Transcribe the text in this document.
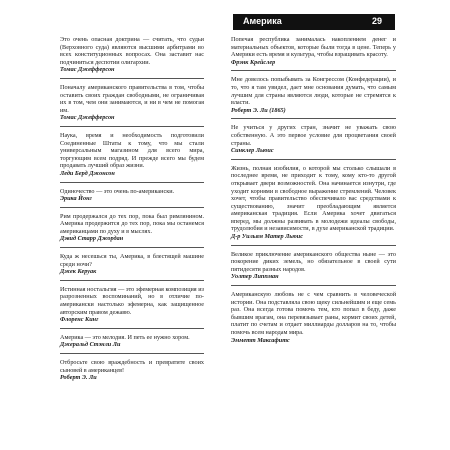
Америка	29

Это очень опасная доктрина — считать, что судьи (Верховного суда) являются высшими арбитрами во всех конституционных вопросах. Она заставит нас подчиниться деспотии олигархии.

Томас Джефферсон

Поначалу американского правительства в том, чтобы оставить своих граждан свободными, не ограничивая их в том, чем они занимаются, и ни в чем не помогая им.

Томас Джефферсон

Наука, время и необходимость подготовили Соединенные Штаты к тому, что мы стали универсальным магазином для всего мира, торгующим всем подряд. И прежде всего мы будем продавать лучший образ жизни.

Леди Берд Джонсон

Одиночество — это очень по-американски.

Эрика Йонг

Рим продержался до тех пор, пока был римлянином. Америка продержится до тех пор, пока мы останемся американцами по духу и в мыслях.

Дэвид Старр Джордан

Куда ж несешься ты, Америка, в блестящей машине среди ночи?

Джек Керуак

Истинная ностальгия — это эфемерная композиция из разрозненных воспоминаний, но в отличие по-американски настолько эфемерна, как защищенное авторским правом дежавю.

Флоренс Кинг

Америка — это мелодия. И петь ее нужно хором.

Джеральд Стэнли Ли

Отбросьте свою враждебность и превратите своих сыновей в американцев!

Роберт Э. Ли

Попечая республика занималась накоплением денег и материальных объектов, которые были тогда в цене. Теперь у Америки есть время и культура, чтобы взращивать красоту.

Фрэнк Крейслер

Мне довелось попыбывать за Конгрессом (Конфедерации), и то, что я там увидел, дает мне основания думать, что самым лучшим для страны являются люди, которые не стремятся к власти.

Роберт Э. Ли (1865)

Не учиться у других стран, значит не уважать свою собственную. А это первое условие для процветания своей страны.

Синклер Льюис

Жизнь, полная изобилия, о которой мы столько слышали в последнее время, не приходит к тому, кому кто-то другой открывает двери возможностей. Она начинается изнутри, где уходит корнями в свободное выражение стремлений. Человек хочет, чтобы правительство обеспечивало вас средствами к существованию, значит преобладающим является американская традиция. Если Америка хочет двигаться вперед, мы должны развивать в молодежи идеалы свободы, трудолюбия и независимости, в духе американской традиции.

Д-р Уильям Матер Льюис

Великое приключение американского общества ныне — это покорение диких земель, но обязательное в своей сути пятидесяти разных народов.

Уолтер Липпман

Американскую любовь не с чем сравнить в человеческой истории. Она подставляла свою щеку сильнейшим и еще семь раз. Она всегда готова помочь тем, кто попал в беду, даже бывшим врагам, она перевязывает раны, кормит своих детей, платит по счетам и отдает миллиарды долларов на то, чтобы помочь всем народам мира.

Эмметт Максафитс
